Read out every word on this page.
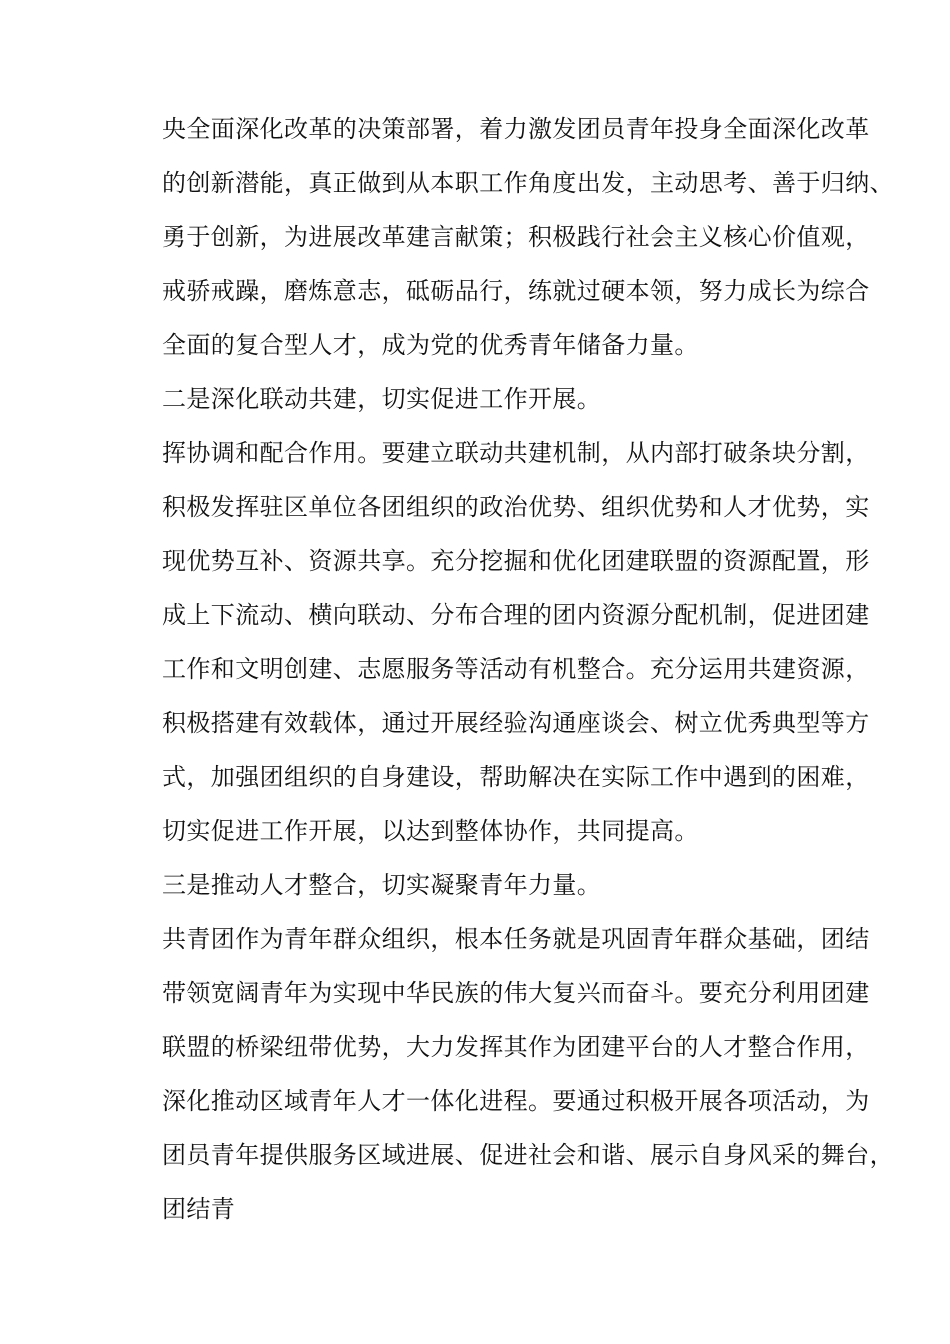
央全面深化改革的决策部署，着力激发团员青年投身全面深化改革
的创新潜能，真正做到从本职工作角度出发，主动思考、善于归纳、
勇于创新，为进展改革建言献策；积极践行社会主义核心价值观，
戒骄戒躁，磨炼意志，砥砺品行，练就过硬本领，努力成长为综合
全面的复合型人才，成为党的优秀青年储备力量。
二是深化联动共建，切实促进工作开展。
挥协调和配合作用。要建立联动共建机制，从内部打破条块分割，
积极发挥驻区单位各团组织的政治优势、组织优势和人才优势，实
现优势互补、资源共享。充分挖掘和优化团建联盟的资源配置，形
成上下流动、横向联动、分布合理的团内资源分配机制，促进团建
工作和文明创建、志愿服务等活动有机整合。充分运用共建资源，
积极搭建有效载体，通过开展经验沟通座谈会、树立优秀典型等方
式，加强团组织的自身建设，帮助解决在实际工作中遇到的困难，
切实促进工作开展，以达到整体协作，共同提高。
三是推动人才整合，切实凝聚青年力量。
共青团作为青年群众组织，根本任务就是巩固青年群众基础，团结
带领宽阔青年为实现中华民族的伟大复兴而奋斗。要充分利用团建
联盟的桥梁纽带优势，大力发挥其作为团建平台的人才整合作用，
深化推动区域青年人才一体化进程。要通过积极开展各项活动，为
团员青年提供服务区域进展、促进社会和谐、展示自身风采的舞台，
团结青
